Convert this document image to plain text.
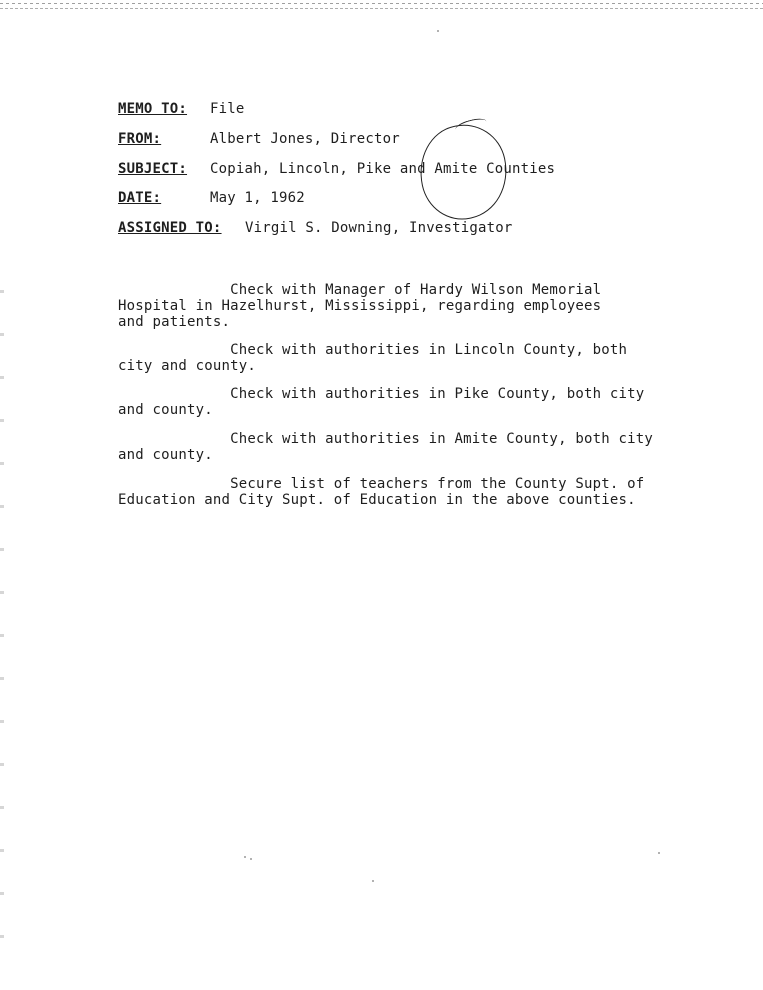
MEMO TO: File
FROM:	Albert Jones, Director
SUBJECT: Copiah, Lincoln, Pike and Amite Counties
DATE:	May 1, 1962
ASSIGNED TO: Virgil S. Downing, Investigator
Check with Manager of Hardy Wilson Memorial
Hospital in Hazelhurst, Mississippi, regarding employees
and patients.
Check with authorities in Lincoln County, both
city and county.
Check with authorities in Pike County, both city
and county.
Check with authorities in Amite County, both city
and county.
Secure list of teachers from the County Supt. of
Education and City Supt. of Education in the above counties.
